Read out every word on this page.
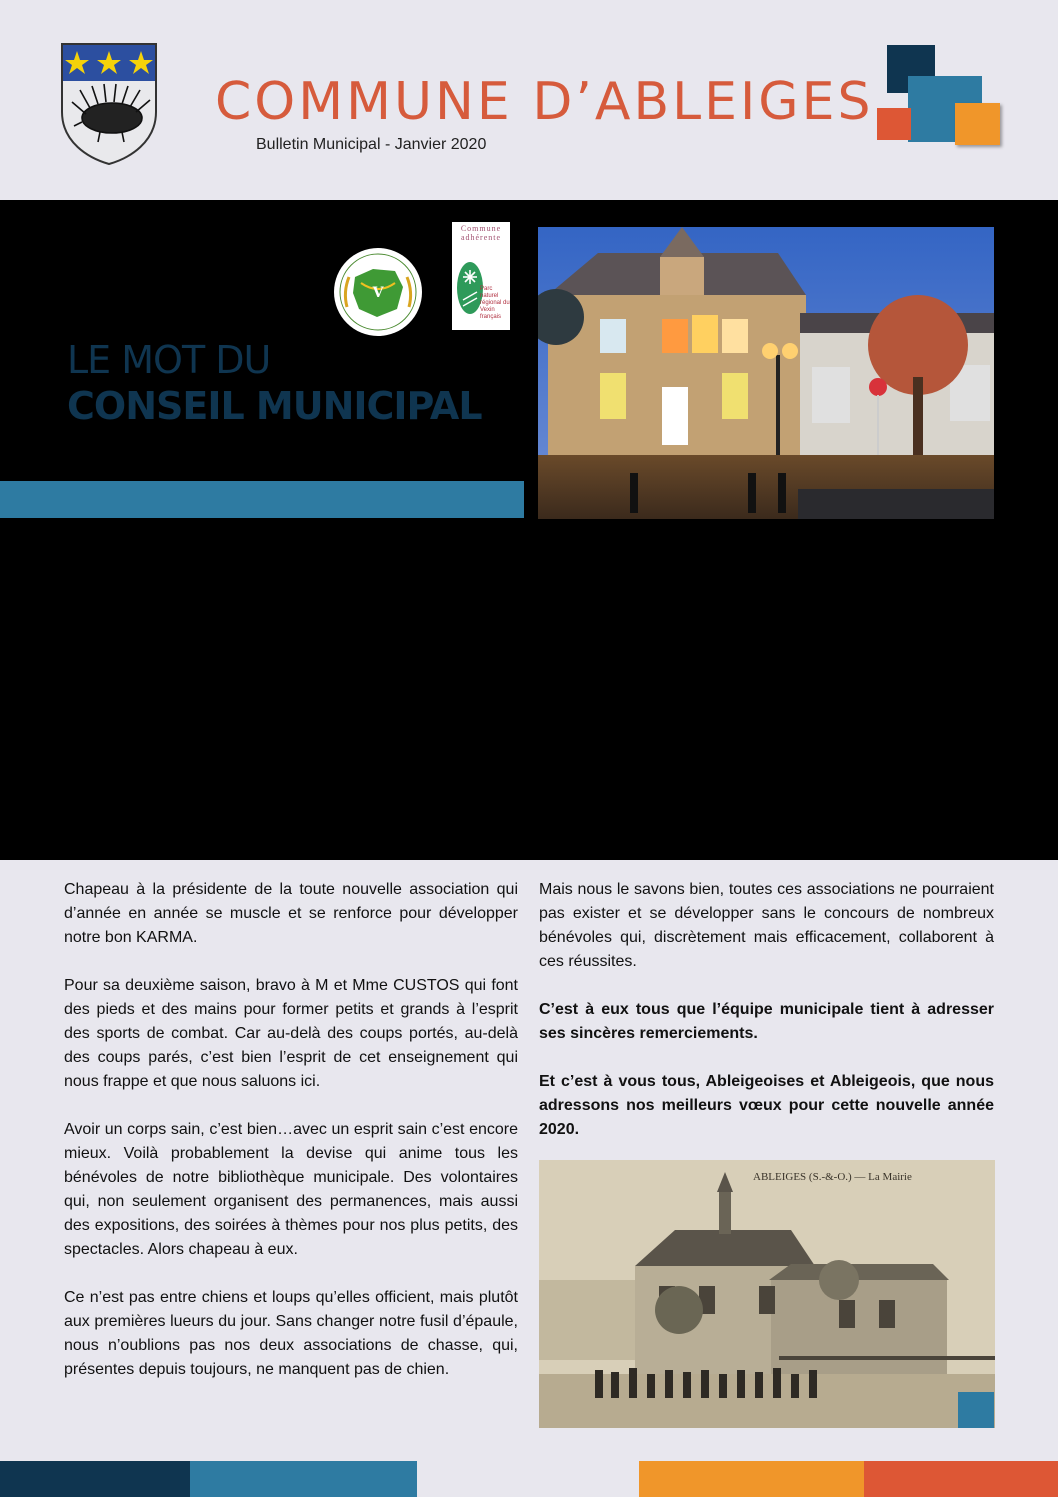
COMMUNE D’ABLEIGES
Bulletin Municipal - Janvier 2020
V
Commune adhérente
Parc naturel régional du Vexin français
LE MOT DU
CONSEIL MUNICIPAL

Chapeau à la présidente de la toute nouvelle association qui d’année en année se muscle et se renforce pour développer notre bon KARMA.

Pour sa deuxième saison, bravo à M et Mme CUSTOS qui font des pieds et des mains pour former petits et grands à l’esprit des sports de combat. Car au-delà des coups portés, au-delà des coups parés, c’est bien l’esprit de cet enseignement qui nous frappe et que nous saluons ici.

Avoir un corps sain, c’est bien…avec un esprit sain c’est encore mieux. Voilà probablement la devise qui anime tous les bénévoles de notre bibliothèque municipale. Des volontaires qui, non seulement organisent des permanences, mais aussi des expositions, des soirées à thèmes pour nos plus petits, des spectacles. Alors chapeau à eux.

Ce n’est pas entre chiens et loups qu’elles officient, mais plutôt aux premières lueurs du jour. Sans changer notre fusil d’épaule, nous n’oublions pas nos deux associations de chasse, qui, présentes depuis toujours, ne manquent pas de chien.

Mais nous le savons bien, toutes ces associations ne pourraient pas exister et se développer sans le concours de nombreux bénévoles qui, discrètement mais efficacement, collaborent à ces réussites.

C’est à eux tous que l’équipe municipale tient à adresser ses sincères remerciements.

Et c’est à vous tous, Ableigeoises et Ableigeois, que nous adressons nos meilleurs vœux pour cette nouvelle année 2020.

ABLEIGES (S.-&-O.) — La Mairie
